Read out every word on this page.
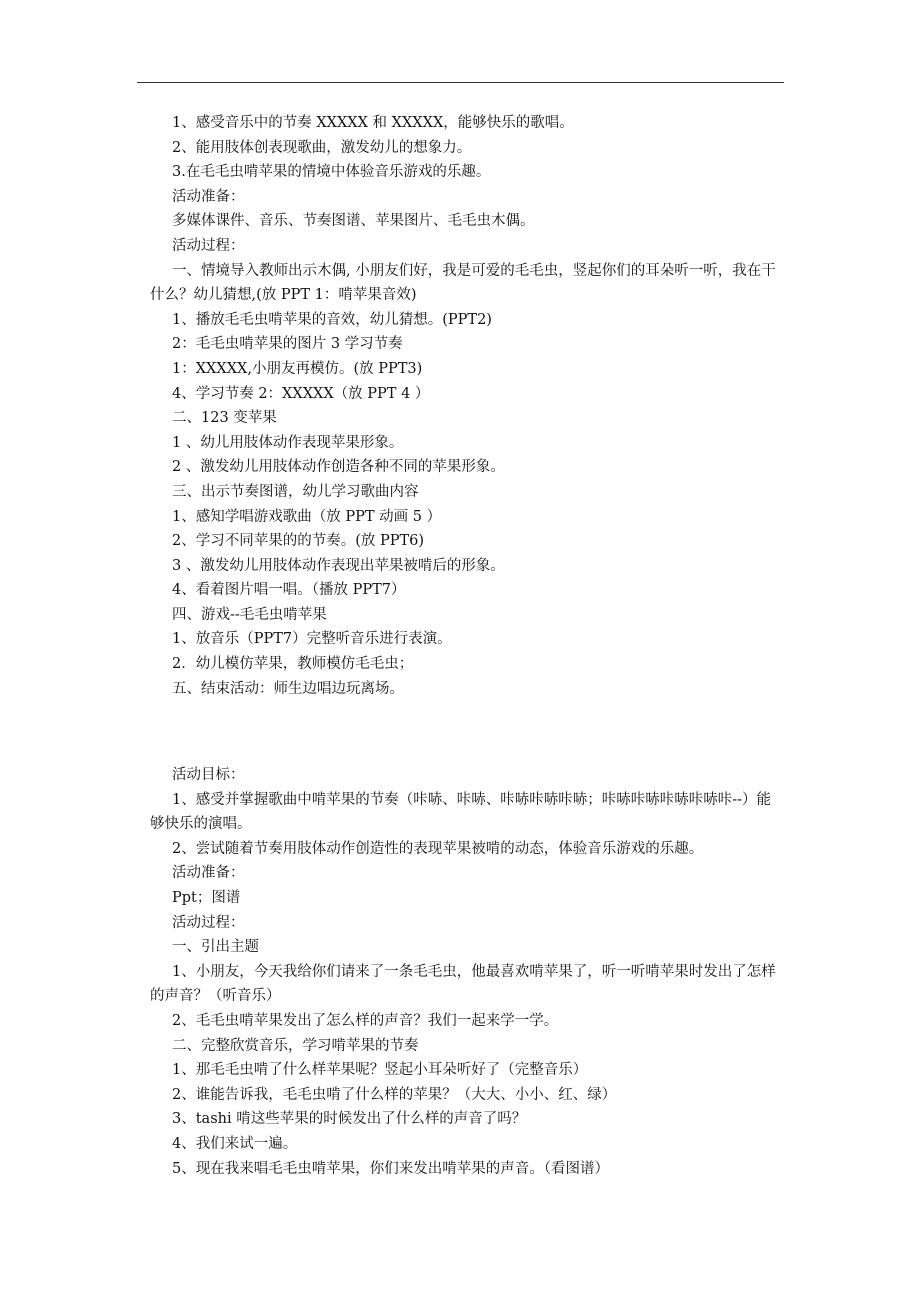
1、感受音乐中的节奏 XXXXX 和 XXXXX，能够快乐的歌唱。

2、能用肢体创表现歌曲，激发幼儿的想象力。

3.在毛毛虫啃苹果的情境中体验音乐游戏的乐趣。

活动准备：

多媒体课件、音乐、节奏图谱、苹果图片、毛毛虫木偶。

活动过程：

一、情境导入教师出示木偶, 小朋友们好，我是可爱的毛毛虫，竖起你们的耳朵听一听，我在干什么？幼儿猜想,(放 PPT 1：啃苹果音效)

1、播放毛毛虫啃苹果的音效，幼儿猜想。(PPT2)

2：毛毛虫啃苹果的图片 3 学习节奏

1：XXXXX,小朋友再模仿。(放 PPT3)

4、学习节奏 2：XXXXX（放 PPT 4 ）

二、123 变苹果

1 、幼儿用肢体动作表现苹果形象。

2 、激发幼儿用肢体动作创造各种不同的苹果形象。

三、出示节奏图谱，幼儿学习歌曲内容

1、感知学唱游戏歌曲（放 PPT 动画 5 ）

2、学习不同苹果的的节奏。(放 PPT6)

3 、激发幼儿用肢体动作表现出苹果被啃后的形象。

4、看着图片唱一唱。（播放 PPT7）

四、游戏--毛毛虫啃苹果

1、放音乐（PPT7）完整听音乐进行表演。

2．幼儿模仿苹果，教师模仿毛毛虫；

五、结束活动：师生边唱边玩离场。

活动目标：

1、感受并掌握歌曲中啃苹果的节奏（咔哧、咔哧、咔哧咔哧咔哧；咔哧咔哧咔哧咔哧咔--）能够快乐的演唱。

2、尝试随着节奏用肢体动作创造性的表现苹果被啃的动态，体验音乐游戏的乐趣。

活动准备：

Ppt；图谱

活动过程：

一、引出主题

1、小朋友，今天我给你们请来了一条毛毛虫，他最喜欢啃苹果了，听一听啃苹果时发出了怎样的声音？（听音乐）

2、毛毛虫啃苹果发出了怎么样的声音？我们一起来学一学。

二、完整欣赏音乐，学习啃苹果的节奏

1、那毛毛虫啃了什么样苹果呢？竖起小耳朵听好了（完整音乐）

2、谁能告诉我，毛毛虫啃了什么样的苹果？（大大、小小、红、绿）

3、tashi 啃这些苹果的时候发出了什么样的声音了吗？

4、我们来试一遍。

5、现在我来唱毛毛虫啃苹果，你们来发出啃苹果的声音。（看图谱）
